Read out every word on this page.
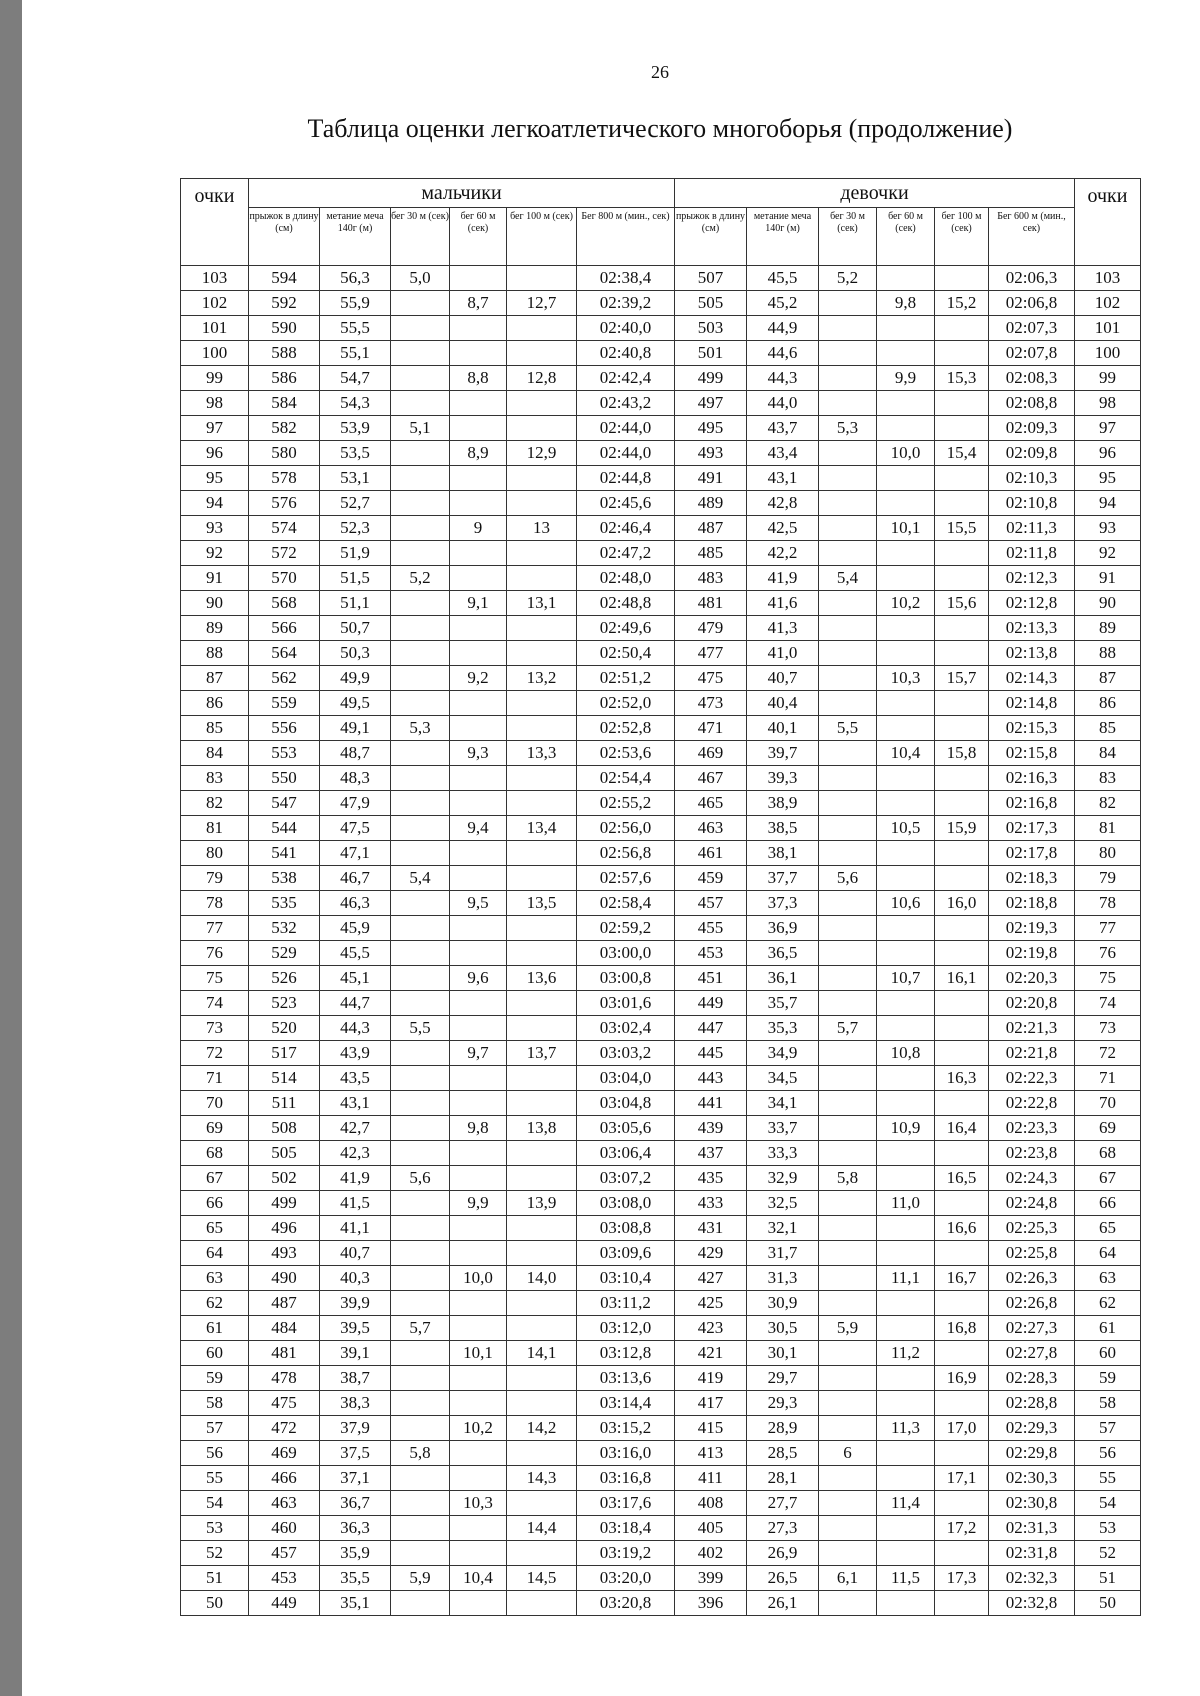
26
Таблица оценки легкоатлетического многоборья (продолжение)
очки	мальчики						девочки						очки
	прыжок в длину (см)	метание меча 140г (м)	бег 30 м (сек)	бег 60 м (сек)	бег 100 м (сек)	Бег 800 м (мин., сек)	прыжок в длину (см)	метание меча 140г (м)	бег 30 м (сек)	бег 60 м (сек)	бег 100 м (сек)	Бег 600 м (мин., сек)	
103	594	56,3	5,0			02:38,4	507	45,5	5,2			02:06,3	103
102	592	55,9		8,7	12,7	02:39,2	505	45,2		9,8	15,2	02:06,8	102
101	590	55,5				02:40,0	503	44,9				02:07,3	101
100	588	55,1				02:40,8	501	44,6				02:07,8	100
99	586	54,7		8,8	12,8	02:42,4	499	44,3		9,9	15,3	02:08,3	99
98	584	54,3				02:43,2	497	44,0				02:08,8	98
97	582	53,9	5,1			02:44,0	495	43,7	5,3			02:09,3	97
96	580	53,5		8,9	12,9	02:44,0	493	43,4		10,0	15,4	02:09,8	96
95	578	53,1				02:44,8	491	43,1				02:10,3	95
94	576	52,7				02:45,6	489	42,8				02:10,8	94
93	574	52,3		9	13	02:46,4	487	42,5		10,1	15,5	02:11,3	93
92	572	51,9				02:47,2	485	42,2				02:11,8	92
91	570	51,5	5,2			02:48,0	483	41,9	5,4			02:12,3	91
90	568	51,1		9,1	13,1	02:48,8	481	41,6		10,2	15,6	02:12,8	90
89	566	50,7				02:49,6	479	41,3				02:13,3	89
88	564	50,3				02:50,4	477	41,0				02:13,8	88
87	562	49,9		9,2	13,2	02:51,2	475	40,7		10,3	15,7	02:14,3	87
86	559	49,5				02:52,0	473	40,4				02:14,8	86
85	556	49,1	5,3			02:52,8	471	40,1	5,5			02:15,3	85
84	553	48,7		9,3	13,3	02:53,6	469	39,7		10,4	15,8	02:15,8	84
83	550	48,3				02:54,4	467	39,3				02:16,3	83
82	547	47,9				02:55,2	465	38,9				02:16,8	82
81	544	47,5		9,4	13,4	02:56,0	463	38,5		10,5	15,9	02:17,3	81
80	541	47,1				02:56,8	461	38,1				02:17,8	80
79	538	46,7	5,4			02:57,6	459	37,7	5,6			02:18,3	79
78	535	46,3		9,5	13,5	02:58,4	457	37,3		10,6	16,0	02:18,8	78
77	532	45,9				02:59,2	455	36,9				02:19,3	77
76	529	45,5				03:00,0	453	36,5				02:19,8	76
75	526	45,1		9,6	13,6	03:00,8	451	36,1		10,7	16,1	02:20,3	75
74	523	44,7				03:01,6	449	35,7				02:20,8	74
73	520	44,3	5,5			03:02,4	447	35,3	5,7			02:21,3	73
72	517	43,9		9,7	13,7	03:03,2	445	34,9		10,8		02:21,8	72
71	514	43,5				03:04,0	443	34,5			16,3	02:22,3	71
70	511	43,1				03:04,8	441	34,1				02:22,8	70
69	508	42,7		9,8	13,8	03:05,6	439	33,7		10,9	16,4	02:23,3	69
68	505	42,3				03:06,4	437	33,3				02:23,8	68
67	502	41,9	5,6			03:07,2	435	32,9	5,8		16,5	02:24,3	67
66	499	41,5		9,9	13,9	03:08,0	433	32,5		11,0		02:24,8	66
65	496	41,1				03:08,8	431	32,1			16,6	02:25,3	65
64	493	40,7				03:09,6	429	31,7				02:25,8	64
63	490	40,3		10,0	14,0	03:10,4	427	31,3		11,1	16,7	02:26,3	63
62	487	39,9				03:11,2	425	30,9				02:26,8	62
61	484	39,5	5,7			03:12,0	423	30,5	5,9		16,8	02:27,3	61
60	481	39,1		10,1	14,1	03:12,8	421	30,1		11,2		02:27,8	60
59	478	38,7				03:13,6	419	29,7			16,9	02:28,3	59
58	475	38,3				03:14,4	417	29,3				02:28,8	58
57	472	37,9		10,2	14,2	03:15,2	415	28,9		11,3	17,0	02:29,3	57
56	469	37,5	5,8			03:16,0	413	28,5	6			02:29,8	56
55	466	37,1			14,3	03:16,8	411	28,1			17,1	02:30,3	55
54	463	36,7		10,3		03:17,6	408	27,7		11,4		02:30,8	54
53	460	36,3			14,4	03:18,4	405	27,3			17,2	02:31,3	53
52	457	35,9				03:19,2	402	26,9				02:31,8	52
51	453	35,5	5,9	10,4	14,5	03:20,0	399	26,5	6,1	11,5	17,3	02:32,3	51
50	449	35,1				03:20,8	396	26,1				02:32,8	50
